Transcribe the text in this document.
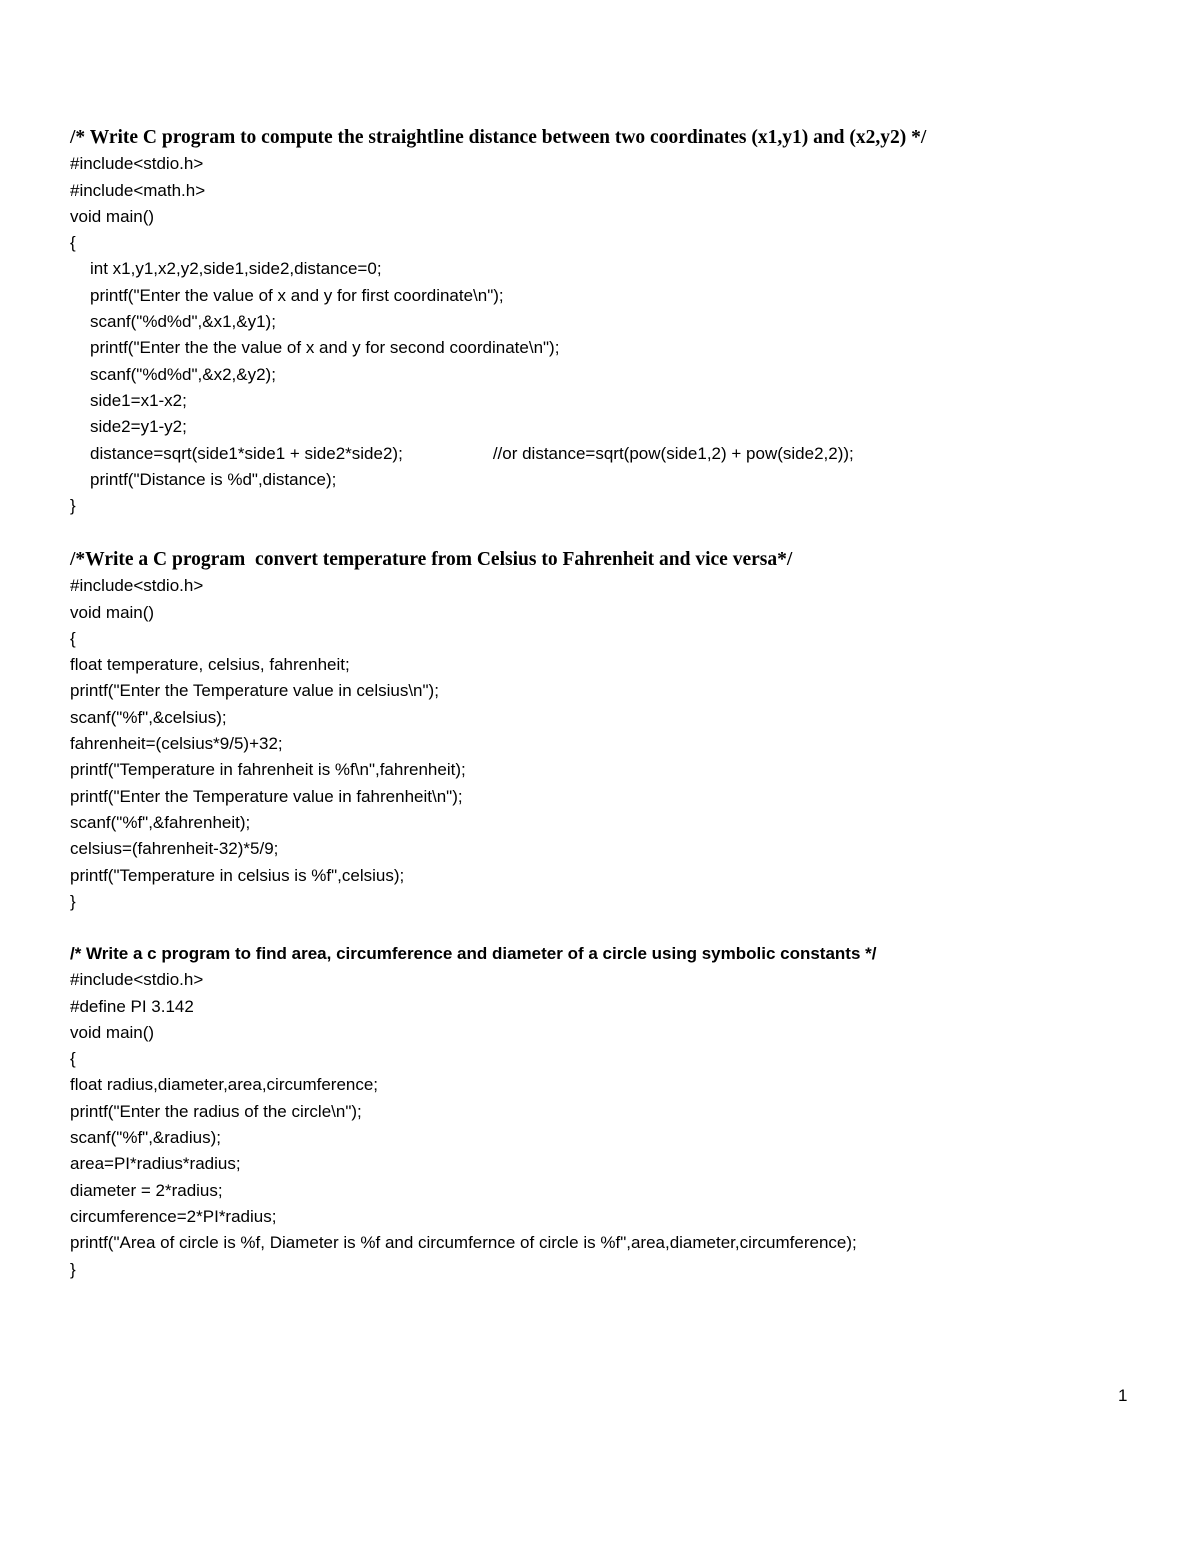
/* Write C program to compute the straightline distance between two coordinates (x1,y1) and (x2,y2) */
#include<stdio.h>
#include<math.h>
void main()
{
int x1,y1,x2,y2,side1,side2,distance=0;
printf("Enter the value of x and y for first coordinate\n");
scanf("%d%d",&x1,&y1);
printf("Enter the the value of x and y for second coordinate\n");
scanf("%d%d",&x2,&y2);
side1=x1-x2;
side2=y1-y2;
distance=sqrt(side1*side1 + side2*side2);	//or distance=sqrt(pow(side1,2) + pow(side2,2));
printf("Distance is %d",distance);
}
/*Write a C program  convert temperature from Celsius to Fahrenheit and vice versa*/
#include<stdio.h>
void main()
{
float temperature, celsius, fahrenheit;
printf("Enter the Temperature value in celsius\n");
scanf("%f",&celsius);
fahrenheit=(celsius*9/5)+32;
printf("Temperature in fahrenheit is %f\n",fahrenheit);
printf("Enter the Temperature value in fahrenheit\n");
scanf("%f",&fahrenheit);
celsius=(fahrenheit-32)*5/9;
printf("Temperature in celsius is %f",celsius);
}
/* Write a c program to find area, circumference and diameter of a circle using symbolic constants */
#include<stdio.h>
#define PI 3.142
void main()
{
float radius,diameter,area,circumference;
printf("Enter the radius of the circle\n");
scanf("%f",&radius);
area=PI*radius*radius;
diameter = 2*radius;
circumference=2*PI*radius;
printf("Area of circle is %f, Diameter is %f and circumfernce of circle is %f",area,diameter,circumference);
}
1
